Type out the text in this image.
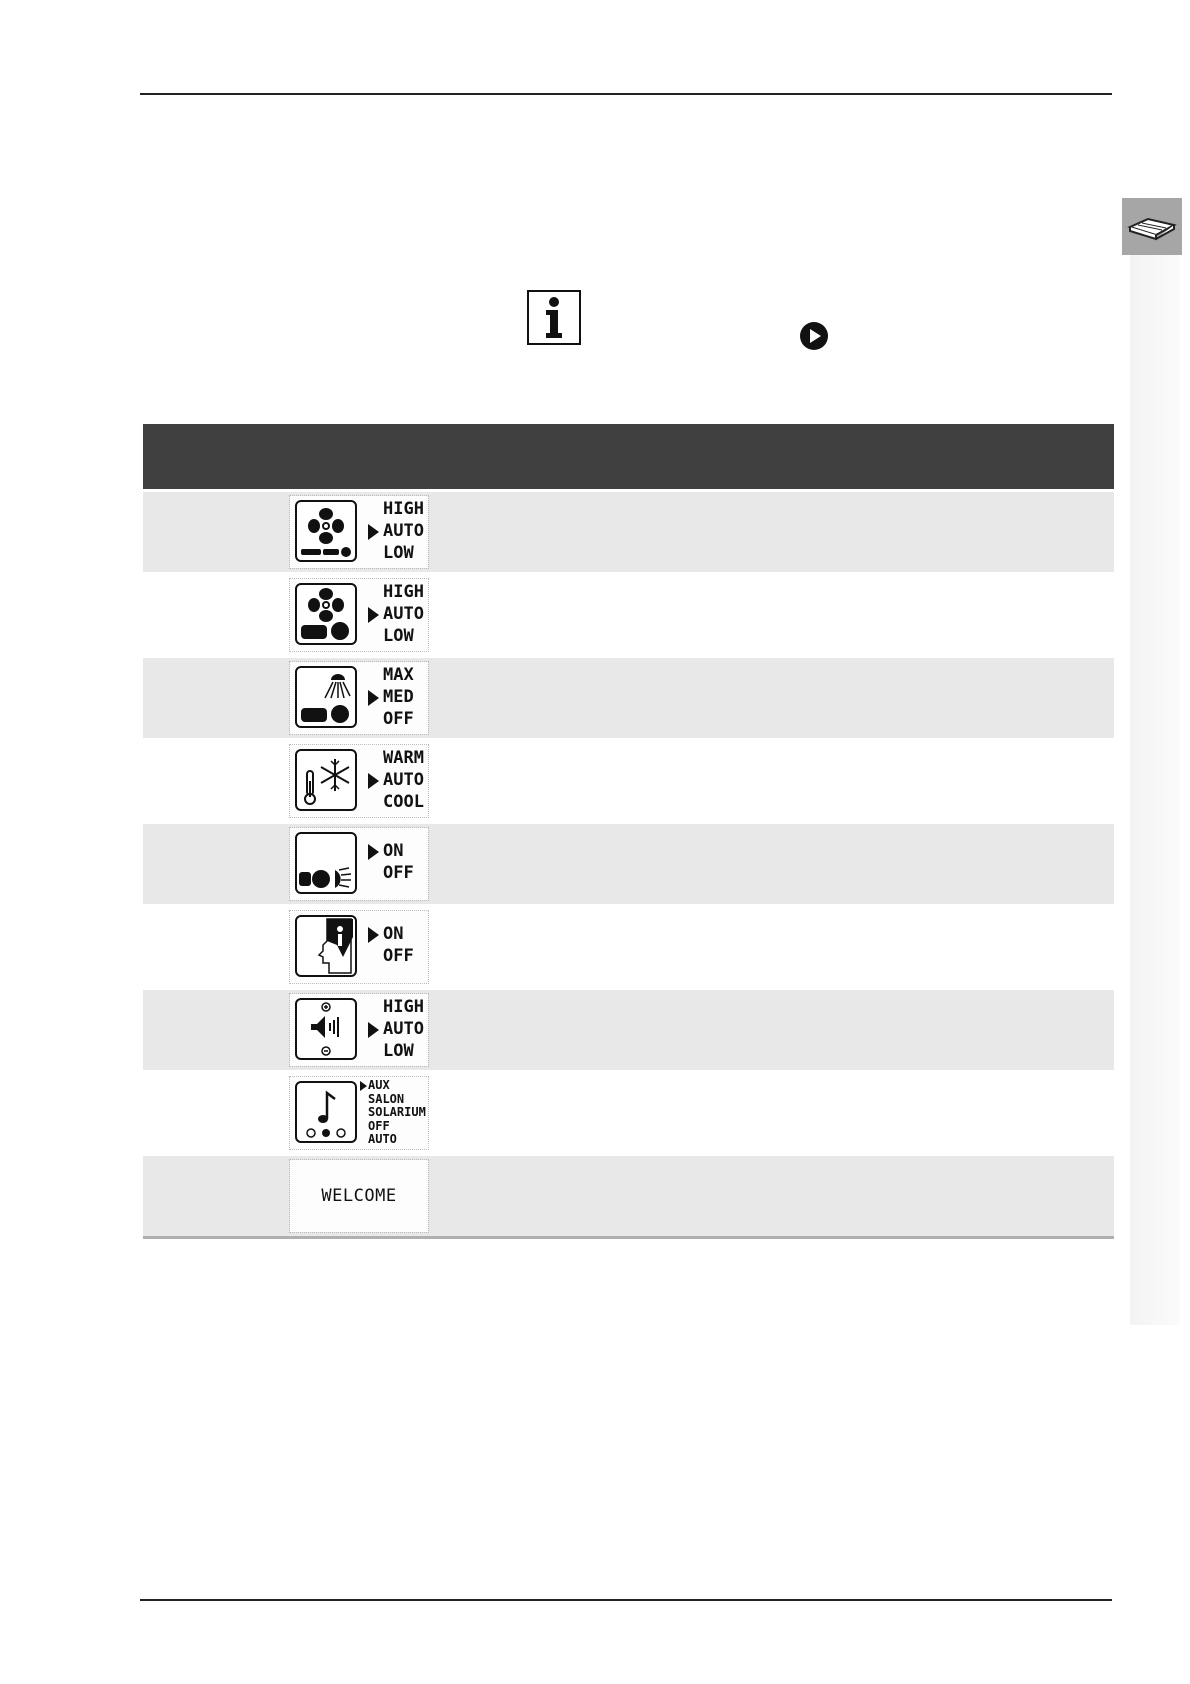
HIGH
AUTO
LOW
HIGH
AUTO
LOW
MAX
MED
OFF
WARM
AUTO
COOL
ON
OFF
ON
OFF
HIGH
AUTO
LOW
AUX
SALON
SOLARIUM
OFF
AUTO
WELCOME
